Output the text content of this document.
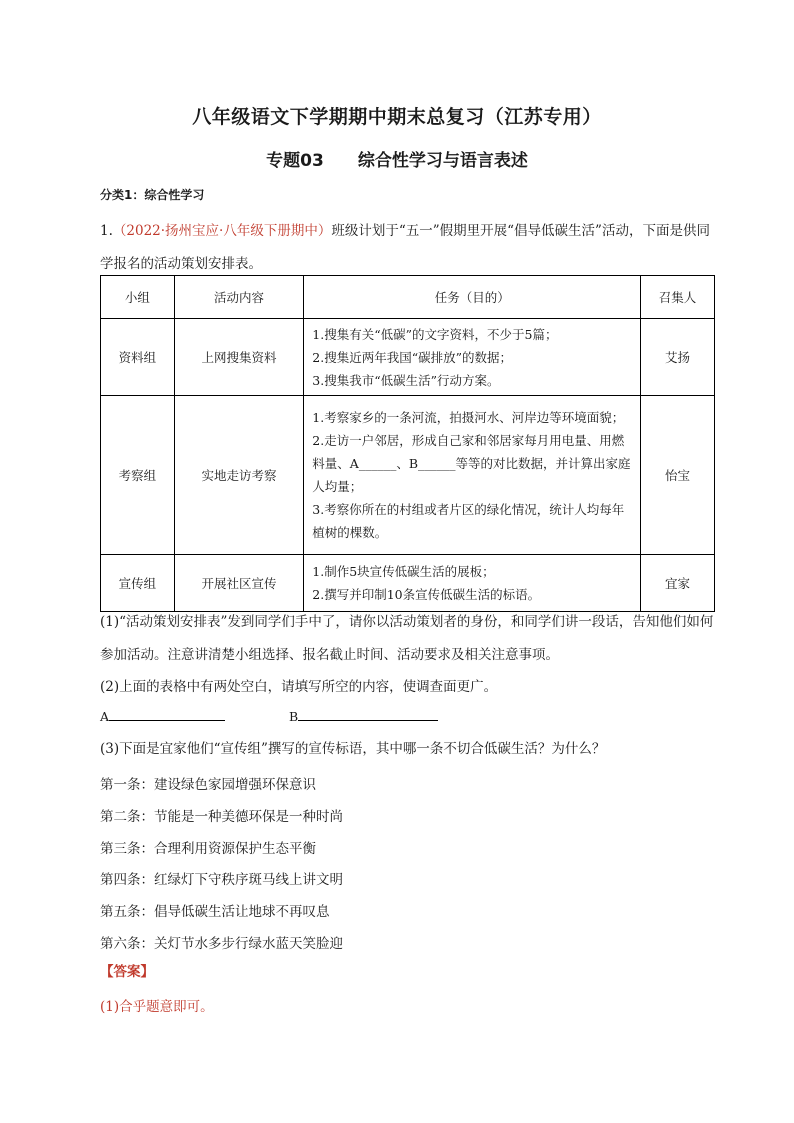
八年级语文下学期期中期末总复习（江苏专用）
专题03　　综合性学习与语言表述
分类1：综合性学习
1.（2022·扬州宝应·八年级下册期中）班级计划于“五一”假期里开展“倡导低碳生活”活动，下面是供同学报名的活动策划安排表。
小组	活动内容	任务（目的）	召集人
资料组	上网搜集资料	1.搜集有关“低碳”的文字资料，不少于5篇；
2.搜集近两年我国“碳排放”的数据；
3.搜集我市“低碳生活”行动方案。	艾扬
考察组	实地走访考察	1.考察家乡的一条河流，拍摄河水、河岸边等环境面貌；
2.走访一户邻居，形成自己家和邻居家每月用电量、用燃料量、A______、B______等等的对比数据，并计算出家庭人均量；
3.考察你所在的村组或者片区的绿化情况，统计人均每年植树的棵数。	怡宝
宣传组	开展社区宣传	1.制作5块宣传低碳生活的展板；
2.撰写并印制10条宣传低碳生活的标语。	宜家
(1)“活动策划安排表”发到同学们手中了，请你以活动策划者的身份，和同学们讲一段话，告知他们如何参加活动。注意讲清楚小组选择、报名截止时间、活动要求及相关注意事项。
(2)上面的表格中有两处空白，请填写所空的内容，使调查面更广。
A	B
(3)下面是宜家他们“宣传组”撰写的宣传标语，其中哪一条不切合低碳生活？为什么？
第一条：建设绿色家园增强环保意识
第二条：节能是一种美德环保是一种时尚
第三条：合理利用资源保护生态平衡
第四条：红绿灯下守秩序斑马线上讲文明
第五条：倡导低碳生活让地球不再叹息
第六条：关灯节水多步行绿水蓝天笑脸迎
【答案】
(1)合乎题意即可。
